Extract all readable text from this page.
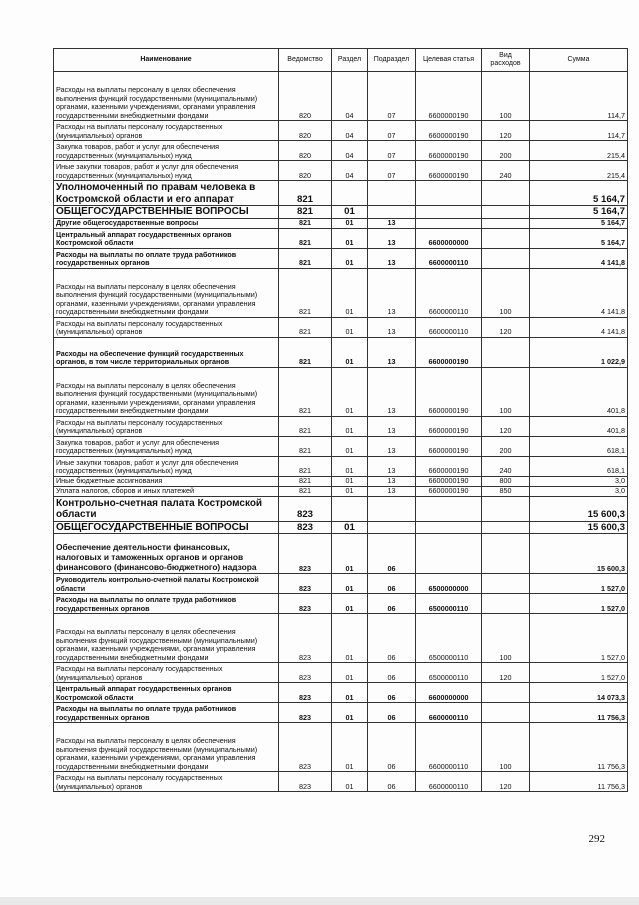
Наименование	Ведомство	Раздел	Подраздел	Целевая статья	Вид расходов	Сумма
Расходы на выплаты персоналу в целях обеспечения выполнения функций государственными (муниципальными) органами, казенными учреждениями, органами управления государственными внебюджетными фондами	820	04	07	6600000190	100	114,7
Расходы на выплаты персоналу государственных (муниципальных) органов	820	04	07	6600000190	120	114,7
Закупка товаров, работ и услуг для обеспечения государственных (муниципальных) нужд	820	04	07	6600000190	200	215,4
Иные закупки товаров, работ и услуг для обеспечения государственных (муниципальных) нужд	820	04	07	6600000190	240	215,4
Уполномоченный по правам человека в Костромской области и его аппарат	821					5 164,7
ОБЩЕГОСУДАРСТВЕННЫЕ ВОПРОСЫ	821	01				5 164,7
Другие общегосударственные вопросы	821	01	13			5 164,7
Центральный аппарат государственных органов Костромской области	821	01	13	6600000000		5 164,7
Расходы на выплаты по оплате труда работников государственных органов	821	01	13	6600000110		4 141,8
Расходы на выплаты персоналу в целях обеспечения выполнения функций государственными (муниципальными) органами, казенными учреждениями, органами управления государственными внебюджетными фондами	821	01	13	6600000110	100	4 141,8
Расходы на выплаты персоналу государственных (муниципальных) органов	821	01	13	6600000110	120	4 141,8
Расходы на обеспечение функций государственных органов, в том числе территориальных органов	821	01	13	6600000190		1 022,9
Расходы на выплаты персоналу в целях обеспечения выполнения функций государственными (муниципальными) органами, казенными учреждениями, органами управления государственными внебюджетными фондами	821	01	13	6600000190	100	401,8
Расходы на выплаты персоналу государственных (муниципальных) органов	821	01	13	6600000190	120	401,8
Закупка товаров, работ и услуг для обеспечения государственных (муниципальных) нужд	821	01	13	6600000190	200	618,1
Иные закупки товаров, работ и услуг для обеспечения государственных (муниципальных) нужд	821	01	13	6600000190	240	618,1
Иные бюджетные ассигнования	821	01	13	6600000190	800	3,0
Уплата налогов, сборов и иных платежей	821	01	13	6600000190	850	3,0
Контрольно-счетная палата Костромской области	823					15 600,3
ОБЩЕГОСУДАРСТВЕННЫЕ ВОПРОСЫ	823	01				15 600,3
Обеспечение деятельности финансовых, налоговых и таможенных органов и органов финансового (финансово-бюджетного) надзора	823	01	06			15 600,3
Руководитель контрольно-счетной палаты Костромской области	823	01	06	6500000000		1 527,0
Расходы на выплаты по оплате труда работников государственных органов	823	01	06	6500000110		1 527,0
Расходы на выплаты персоналу в целях обеспечения выполнения функций государственными (муниципальными) органами, казенными учреждениями, органами управления государственными внебюджетными фондами	823	01	06	6500000110	100	1 527,0
Расходы на выплаты персоналу государственных (муниципальных) органов	823	01	06	6500000110	120	1 527,0
Центральный аппарат государственных органов Костромской области	823	01	06	6600000000		14 073,3
Расходы на выплаты по оплате труда работников государственных органов	823	01	06	6600000110		11 756,3
Расходы на выплаты персоналу в целях обеспечения выполнения функций государственными (муниципальными) органами, казенными учреждениями, органами управления государственными внебюджетными фондами	823	01	06	6600000110	100	11 756,3
Расходы на выплаты персоналу государственных (муниципальных) органов	823	01	06	6600000110	120	11 756,3
292
